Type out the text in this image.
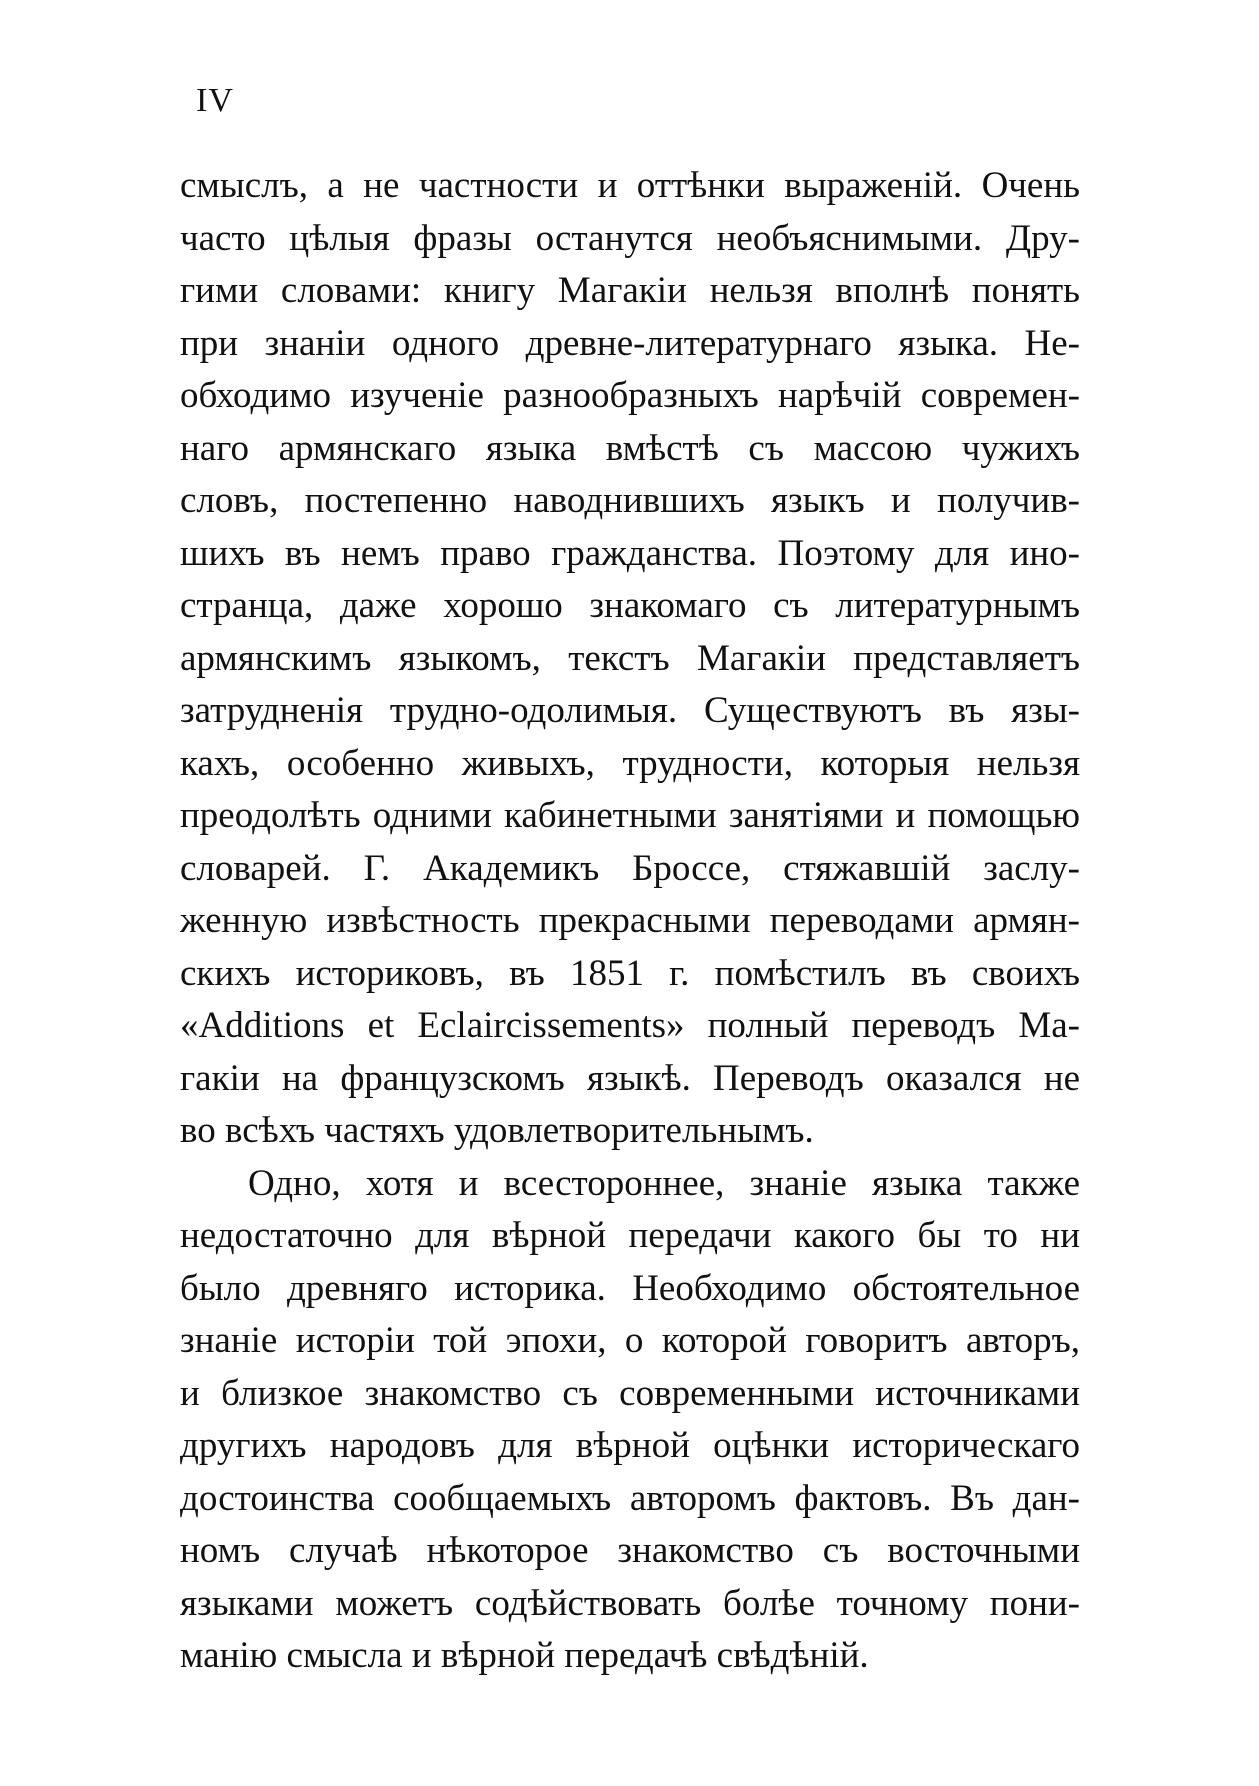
IV
смыслъ, а не частности и оттѣнки выраженій. Очень
часто цѣлыя фразы останутся необъяснимыми. Дру-
гими словами: книгу Магакіи нельзя вполнѣ понять
при знаніи одного древне-литературнаго языка. Не-
обходимо изученіе разнообразныхъ нарѣчій современ-
наго армянскаго языка вмѣстѣ съ массою чужихъ
словъ, постепенно наводнившихъ языкъ и получив-
шихъ въ немъ право гражданства. Поэтому для ино-
странца, даже хорошо знакомаго съ литературнымъ
армянскимъ языкомъ, текстъ Магакіи представляетъ
затрудненія трудно-одолимыя. Существуютъ въ язы-
кахъ, особенно живыхъ, трудности, которыя нельзя
преодолѣть одними кабинетными занятіями и помощью
словарей. Г. Академикъ Броссе, стяжавшій заслу-
женную извѣстность прекрасными переводами армян-
скихъ историковъ, въ 1851 г. помѣстилъ въ своихъ
«Additions et Eclaircissements» полный переводъ Ма-
гакіи на французскомъ языкѣ. Переводъ оказался не
во всѣхъ частяхъ удовлетворительнымъ.
Одно, хотя и всестороннее, знаніе языка также
недостаточно для вѣрной передачи какого бы то ни
было древняго историка. Необходимо обстоятельное
знаніе исторіи той эпохи, о которой говоритъ авторъ,
и близкое знакомство съ современными источниками
другихъ народовъ для вѣрной оцѣнки историческаго
достоинства сообщаемыхъ авторомъ фактовъ. Въ дан-
номъ случаѣ нѣкоторое знакомство съ восточными
языками можетъ содѣйствовать болѣе точному пони-
манію смысла и вѣрной передачѣ свѣдѣній.
